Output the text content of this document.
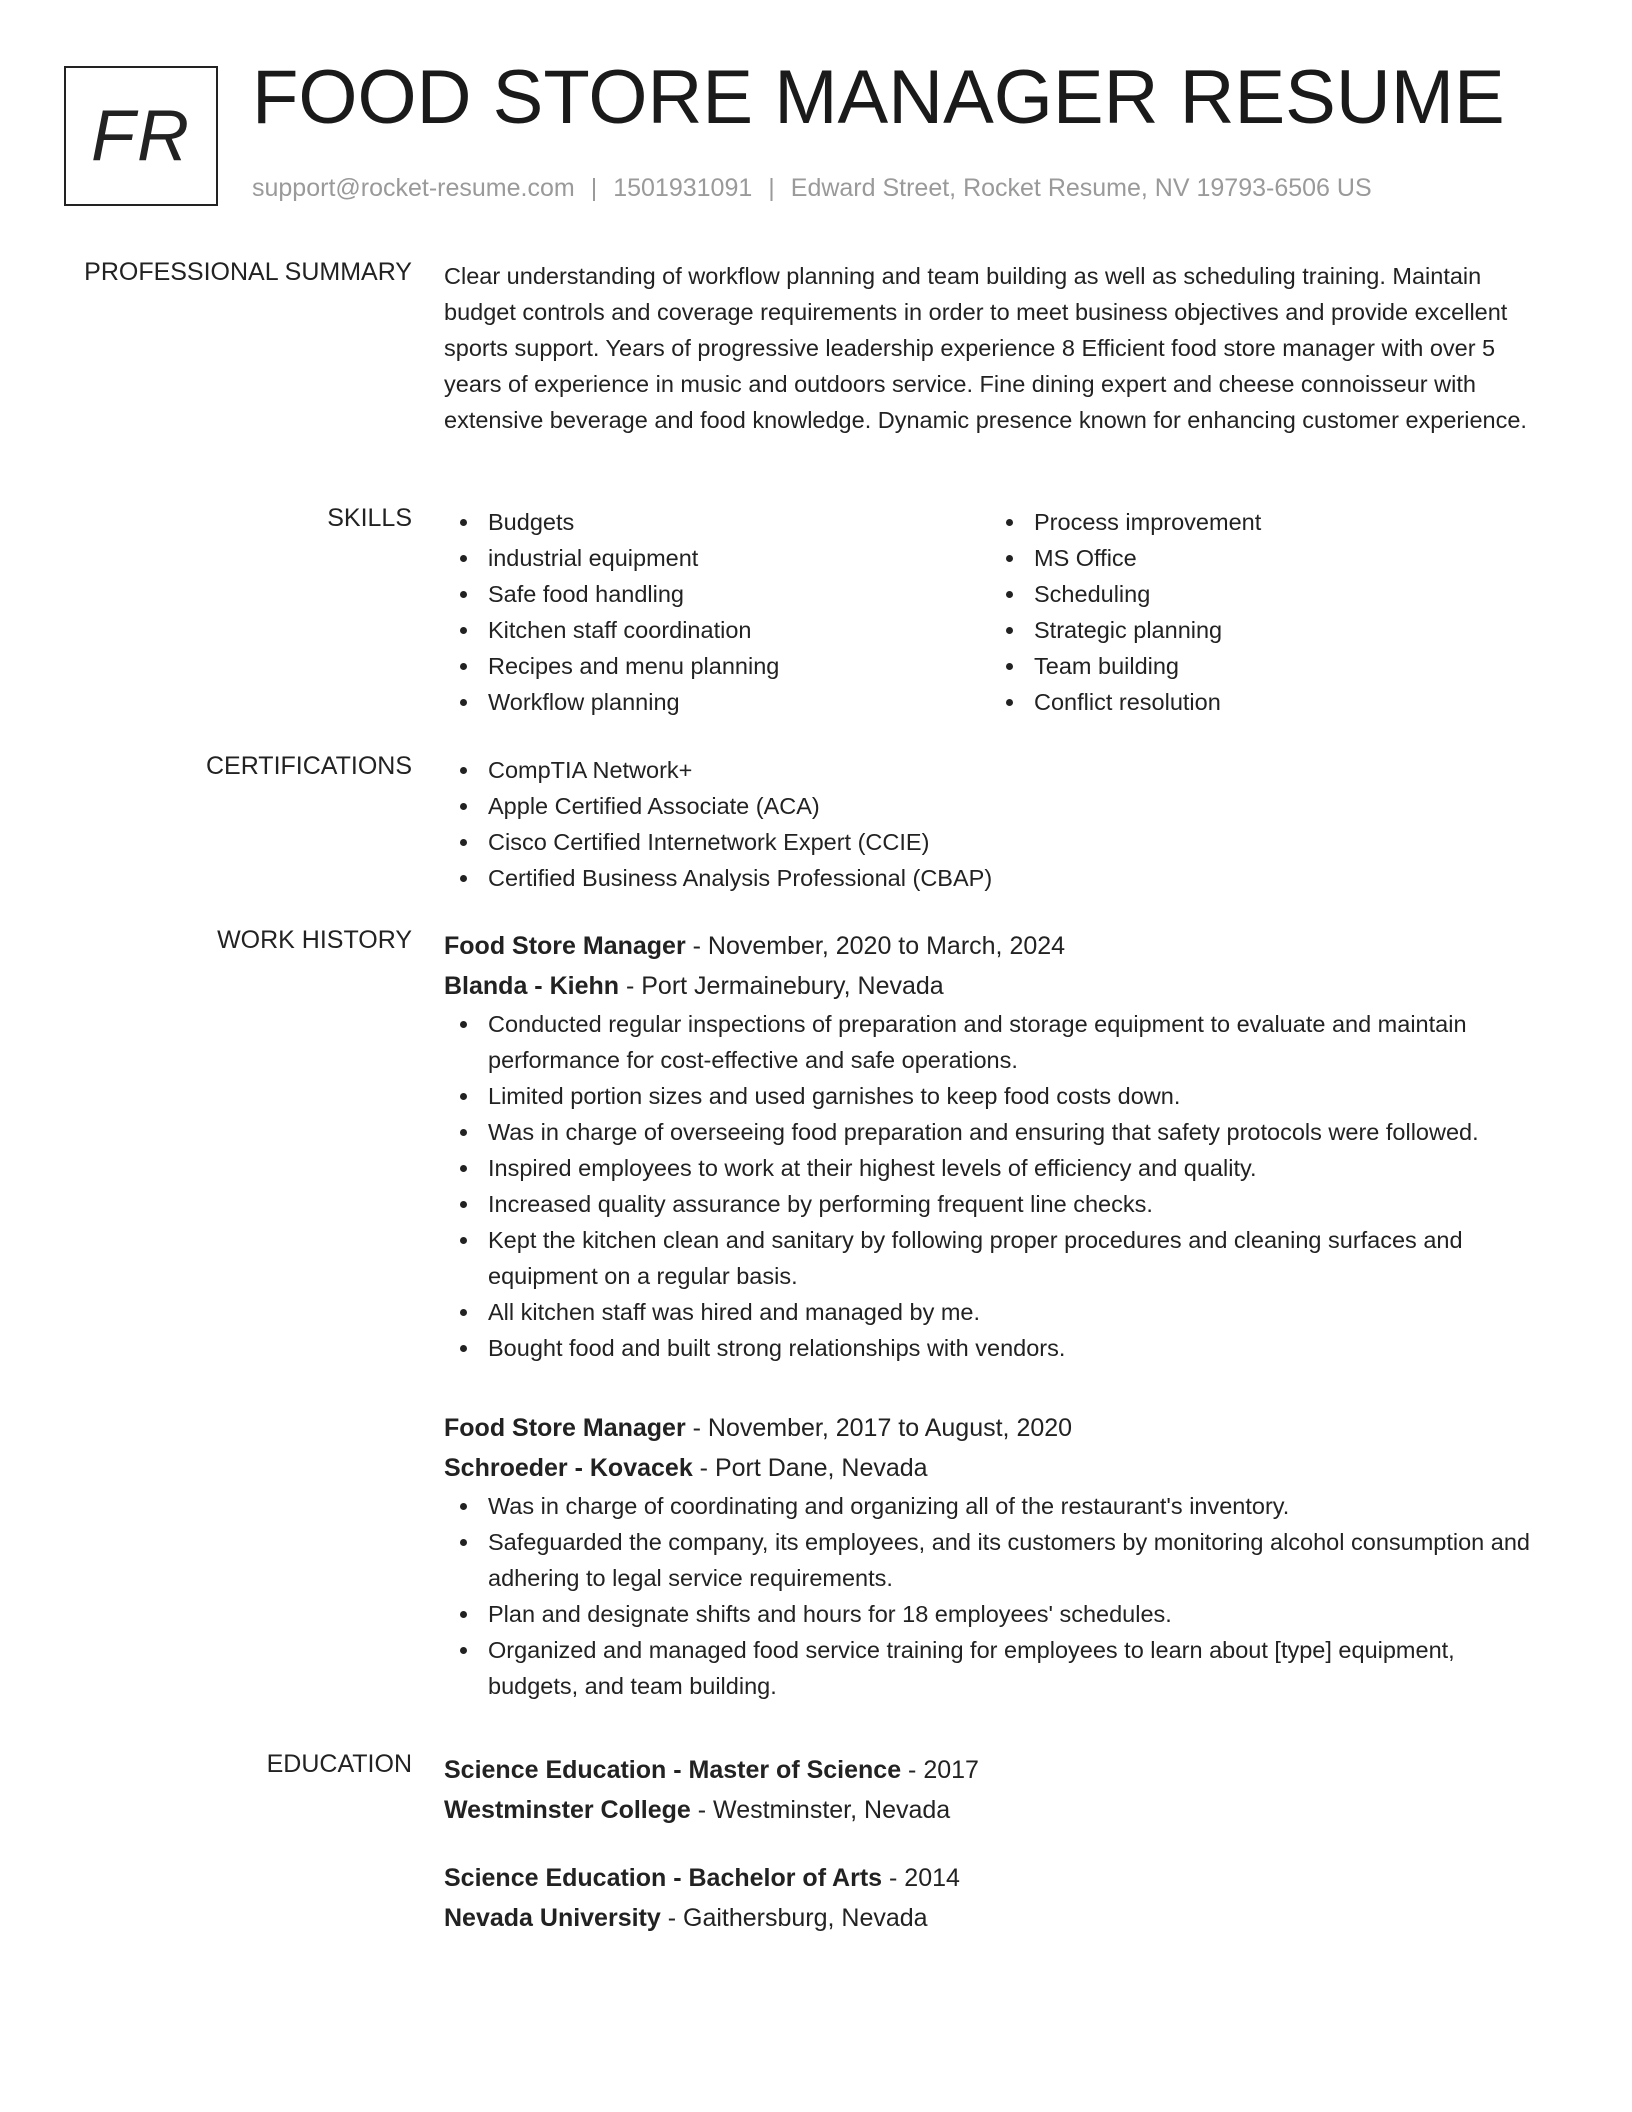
FR FOOD STORE MANAGER RESUME
support@rocket-resume.com | 1501931091 | Edward Street, Rocket Resume, NV 19793-6506 US
PROFESSIONAL SUMMARY Clear understanding of workflow planning and team building as well as scheduling training. Maintain budget controls and coverage requirements in order to meet business objectives and provide excellent sports support. Years of progressive leadership experience 8 Efficient food store manager with over 5 years of experience in music and outdoors service. Fine dining expert and cheese connoisseur with extensive beverage and food knowledge. Dynamic presence known for enhancing customer experience.

SKILLS	Budgets
industrial equipment
Safe food handling
Kitchen staff coordination
Recipes and menu planning
Workflow planning
Process improvement
MS Office
Scheduling
Strategic planning
Team building
Conflict resolution
CERTIFICATIONS	CompTIA Network+
Apple Certified Associate (ACA)
Cisco Certified Internetwork Expert (CCIE)
Certified Business Analysis Professional (CBAP)
WORK HISTORY Food Store Manager - November, 2020 to March, 2024
Blanda - Kiehn - Port Jermainebury, Nevada
Conducted regular inspections of preparation and storage equipment to evaluate and maintain performance for cost-effective and safe operations.
Limited portion sizes and used garnishes to keep food costs down.
Was in charge of overseeing food preparation and ensuring that safety protocols were followed.
Inspired employees to work at their highest levels of efficiency and quality.
Increased quality assurance by performing frequent line checks.
Kept the kitchen clean and sanitary by following proper procedures and cleaning surfaces and equipment on a regular basis.
All kitchen staff was hired and managed by me.
Bought food and built strong relationships with vendors.
Food Store Manager - November, 2017 to August, 2020
Schroeder - Kovacek - Port Dane, Nevada
Was in charge of coordinating and organizing all of the restaurant's inventory.
Safeguarded the company, its employees, and its customers by monitoring alcohol consumption and adhering to legal service requirements.
Plan and designate shifts and hours for 18 employees' schedules.
Organized and managed food service training for employees to learn about [type] equipment, budgets, and team building.
EDUCATION Science Education - Master of Science - 2017
Westminster College - Westminster, Nevada
Science Education - Bachelor of Arts - 2014
Nevada University - Gaithersburg, Nevada
